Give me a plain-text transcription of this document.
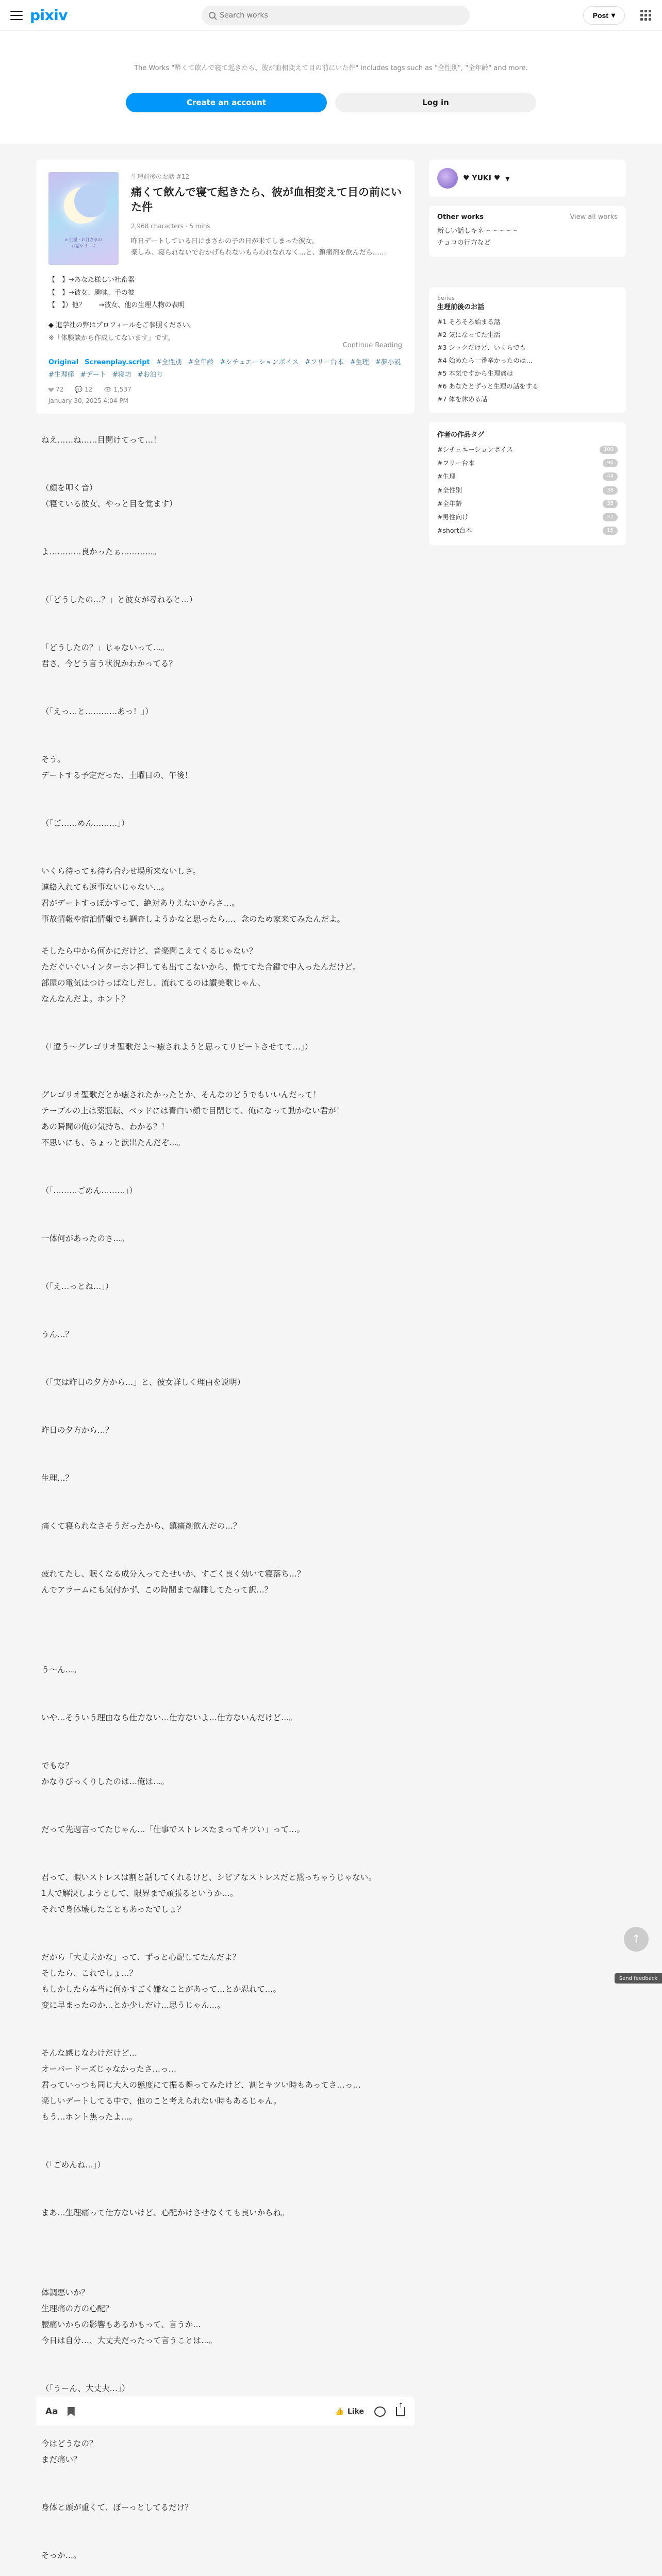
pixiv
Search works	Post ▾

The Works "酔くて飲んで寝て起きたら、彼が血相変えて目の前にいた件" includes tags such as "全性別", "全年齢" and more.

Create an account	Log in
a 生理・お月さまの
お話シリーズ
生理前後のお話 #12
痛くて飲んで寝て起きたら、彼が血相変えて目の前にいた件
2,968 characters · 5 mins
昨日デートしている日にまさかの子の日が来てしまった彼女。
楽しみ、寝られないでおかげられないもらわれなれなく…と、鎮痛剤を飲んだら……
【　】→あなた様しい社畜器
【　】→彼女、趣味、手の彼
【　】）他？　　→彼女、他の生理人物の表明
◆ 進学社の弊はプロフィールをご参照ください。
※「体験談から作成してないます」です。
Continue Reading
Original Screenplay.script #全性別 #全年齢 #シチュエーションボイス #フリー台本 #生理 #夢小説
#生理痛 #デート #寝坊 #お泊り
72 💬 12 👁 1,537
January 30, 2025 4:04 PM
ねえ……ね……目開けてって…！

（顔を叩く音）
（寝ている彼女、やっと目を覚ます）

よ…………良かったぁ…………。

（「どうしたの…？」と彼女が尋ねると…）

「どうしたの？」じゃないって…。
君さ、今どう言う状況かわかってる？

（「えっ…と…………あっ！」）

そう。
デートする予定だった、土曜日の、午後！

（「ご……めん………」）

いくら待っても待ち合わせ場所来ないしさ。
連絡入れても返事ないじゃない…。
君がデートすっぽかすって、絶対ありえないからさ…。
事故情報や宿泊情報でも調査しようかなと思ったら…、念のため家来てみたんだよ。

そしたら中から何かにだけど、音楽聞こえてくるじゃない？
ただぐいぐいインターホン押しても出てこないから、慌ててた合鍵で中入ったんだけど。
部屋の電気はつけっぱなしだし、流れてるのは讃美歌じゃん、
なんなんだよ。ホント？

（「違う～グレゴリオ聖歌だよ～癒されようと思ってリピートさせてて…」）

グレゴリオ聖歌だとか癒されたかったとか、そんなのどうでもいいんだって！
テーブルの上は薬瓶転、ベッドには青白い顔で目閉じて、俺になって動かない君が！
あの瞬間の俺の気持ち、わかる？！
不思いにも、ちょっと涙出たんだぞ…。

（「………ごめん………」）

一体何があったのさ…。

（「え…っとね…」）

うん…？

（「実は昨日の夕方から…」と、彼女詳しく理由を説明）

昨日の夕方から…？

生理…？

痛くて寝られなさそうだったから、鎮痛剤飲んだの…？

疲れてたし、眠くなる成分入ってたせいか、すごく良く効いて寝落ち…？
んでアラームにも気付かず、この時間まで爆睡してたって訳…？

う～ん…。

いや…そういう理由なら仕方ない…仕方ないよ…仕方ないんだけど…。

でもな？
かなりびっくりしたのは…俺は…。

だって先週言ってたじゃん…「仕事でストレスたまってキツい」って…。

君って、暇いストレスは割と話してくれるけど、シビアなストレスだと黙っちゃうじゃない。
1人で解決しようとして、限界まで頑張るというか…。
それで身体壊したこともあったでしょ？

だから「大丈夫かな」って、ずっと心配してたんだよ？
そしたら、これでしょ…？
もしかしたら本当に何かすごく嫌なことがあって…とか忍れて…。
変に早まったのか…とか少しだけ…思うじゃん…。

そんな感じなわけだけど…
オーバードーズじゃなかったさ…っ…
君っていっつも同じ大人の態度にて振る舞ってみたけど、割とキツい時もあってさ…っ…
楽しいデートしてる中で、他のこと考えられない時もあるじゃん。
もう…ホント焦ったよ…。

（「ごめんね…」）

まあ…生理痛って仕方ないけど、心配かけさせなくても良いからね。

体調悪いか？
生理痛の方の心配？
腰痛いからの影響もあるかもって、言うか…
今日は自分…、大丈夫だったって言うことは…。

（「うーん、大丈夫…」）
Aa	👍 Like
↑
今はどうなの？
まだ痛い？

身体と頭が重くて、ぼーっとしてるだけ？

そっか…。

♥ YUKI ♥ ▾
Other works	View all works
新しい話しキネ〜〜〜〜〜
チョコの行方など
Series
生理前後のお話
#1 そろそろ始まる話
#2 気になってた生活
#3 シックだけど、いくらでも
#4 始めたら一番辛かったのは…
#5 本気ですから生理痛は
#6 あなたとずっと生理の話をする
#7 体を休める話
作者の作品タグ
#シチュエーションボイス	100
#フリー台本	90
#生理	44
#全性別	38
#全年齢	35
#男性向け	27
#short台本	15
↑
Send feedback
